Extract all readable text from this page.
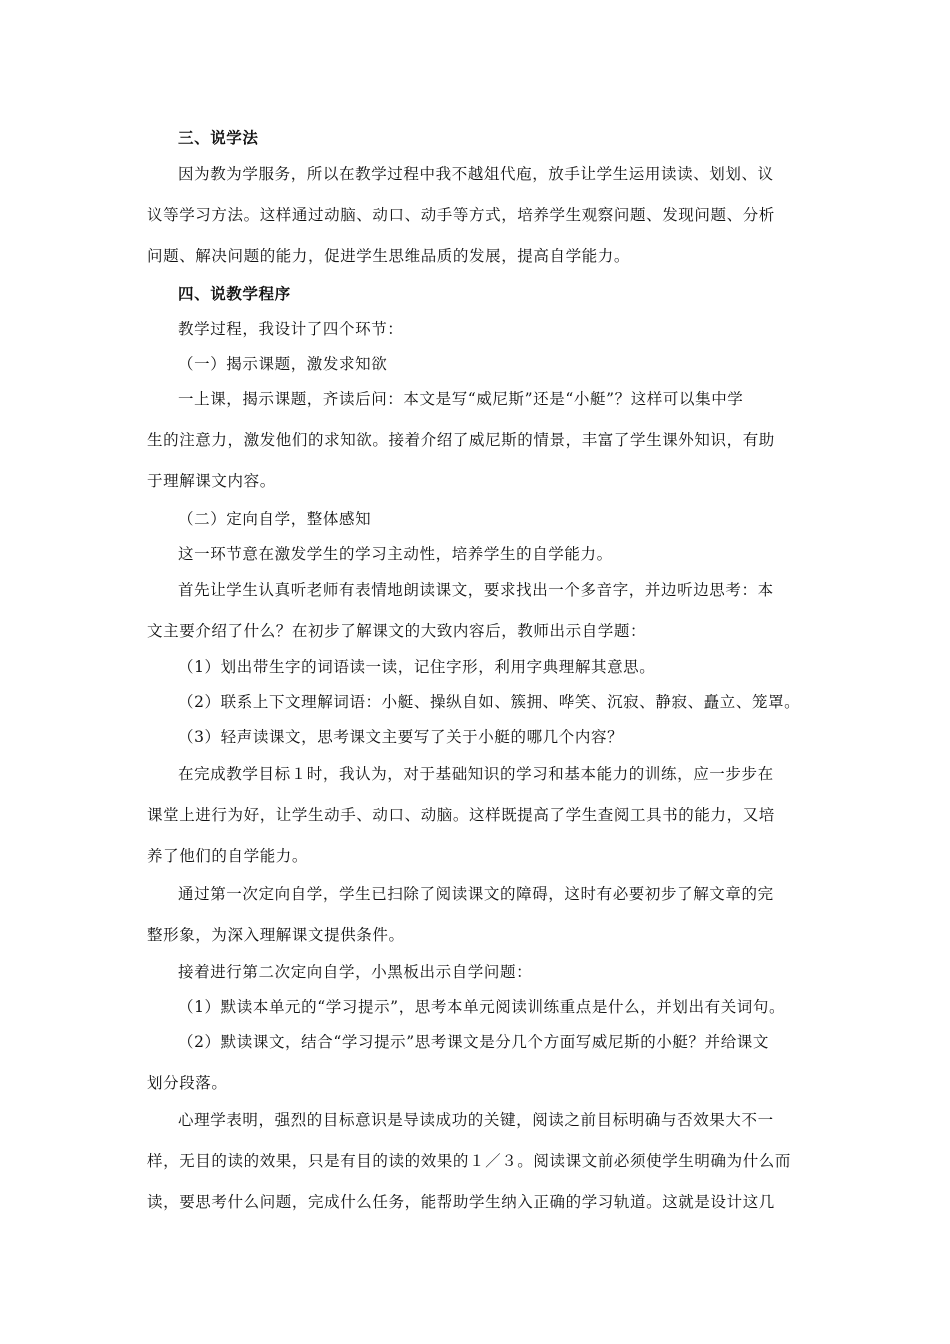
三、说学法
因为教为学服务，所以在教学过程中我不越俎代庖，放手让学生运用读读、划划、议
议等学习方法。这样通过动脑、动口、动手等方式，培养学生观察问题、发现问题、分析
问题、解决问题的能力，促进学生思维品质的发展，提高自学能力。
四、说教学程序
教学过程，我设计了四个环节：
（一）揭示课题，激发求知欲
一上课，揭示课题，齐读后问：本文是写“威尼斯”还是“小艇”？这样可以集中学
生的注意力，激发他们的求知欲。接着介绍了威尼斯的情景，丰富了学生课外知识，有助
于理解课文内容。
（二）定向自学，整体感知
这一环节意在激发学生的学习主动性，培养学生的自学能力。
首先让学生认真听老师有表情地朗读课文，要求找出一个多音字，并边听边思考：本
文主要介绍了什么？在初步了解课文的大致内容后，教师出示自学题：
（1）划出带生字的词语读一读，记住字形，利用字典理解其意思。
（2）联系上下文理解词语：小艇、操纵自如、簇拥、哗笑、沉寂、静寂、矗立、笼罩。
（3）轻声读课文，思考课文主要写了关于小艇的哪几个内容？
在完成教学目标１时，我认为，对于基础知识的学习和基本能力的训练，应一步步在
课堂上进行为好，让学生动手、动口、动脑。这样既提高了学生查阅工具书的能力，又培
养了他们的自学能力。
通过第一次定向自学，学生已扫除了阅读课文的障碍，这时有必要初步了解文章的完
整形象，为深入理解课文提供条件。
接着进行第二次定向自学，小黑板出示自学问题：
（1）默读本单元的“学习提示”，思考本单元阅读训练重点是什么，并划出有关词句。
（2）默读课文，结合“学习提示”思考课文是分几个方面写威尼斯的小艇？并给课文
划分段落。
心理学表明，强烈的目标意识是导读成功的关键，阅读之前目标明确与否效果大不一
样，无目的读的效果，只是有目的读的效果的１／３。阅读课文前必须使学生明确为什么而
读，要思考什么问题，完成什么任务，能帮助学生纳入正确的学习轨道。这就是设计这几
